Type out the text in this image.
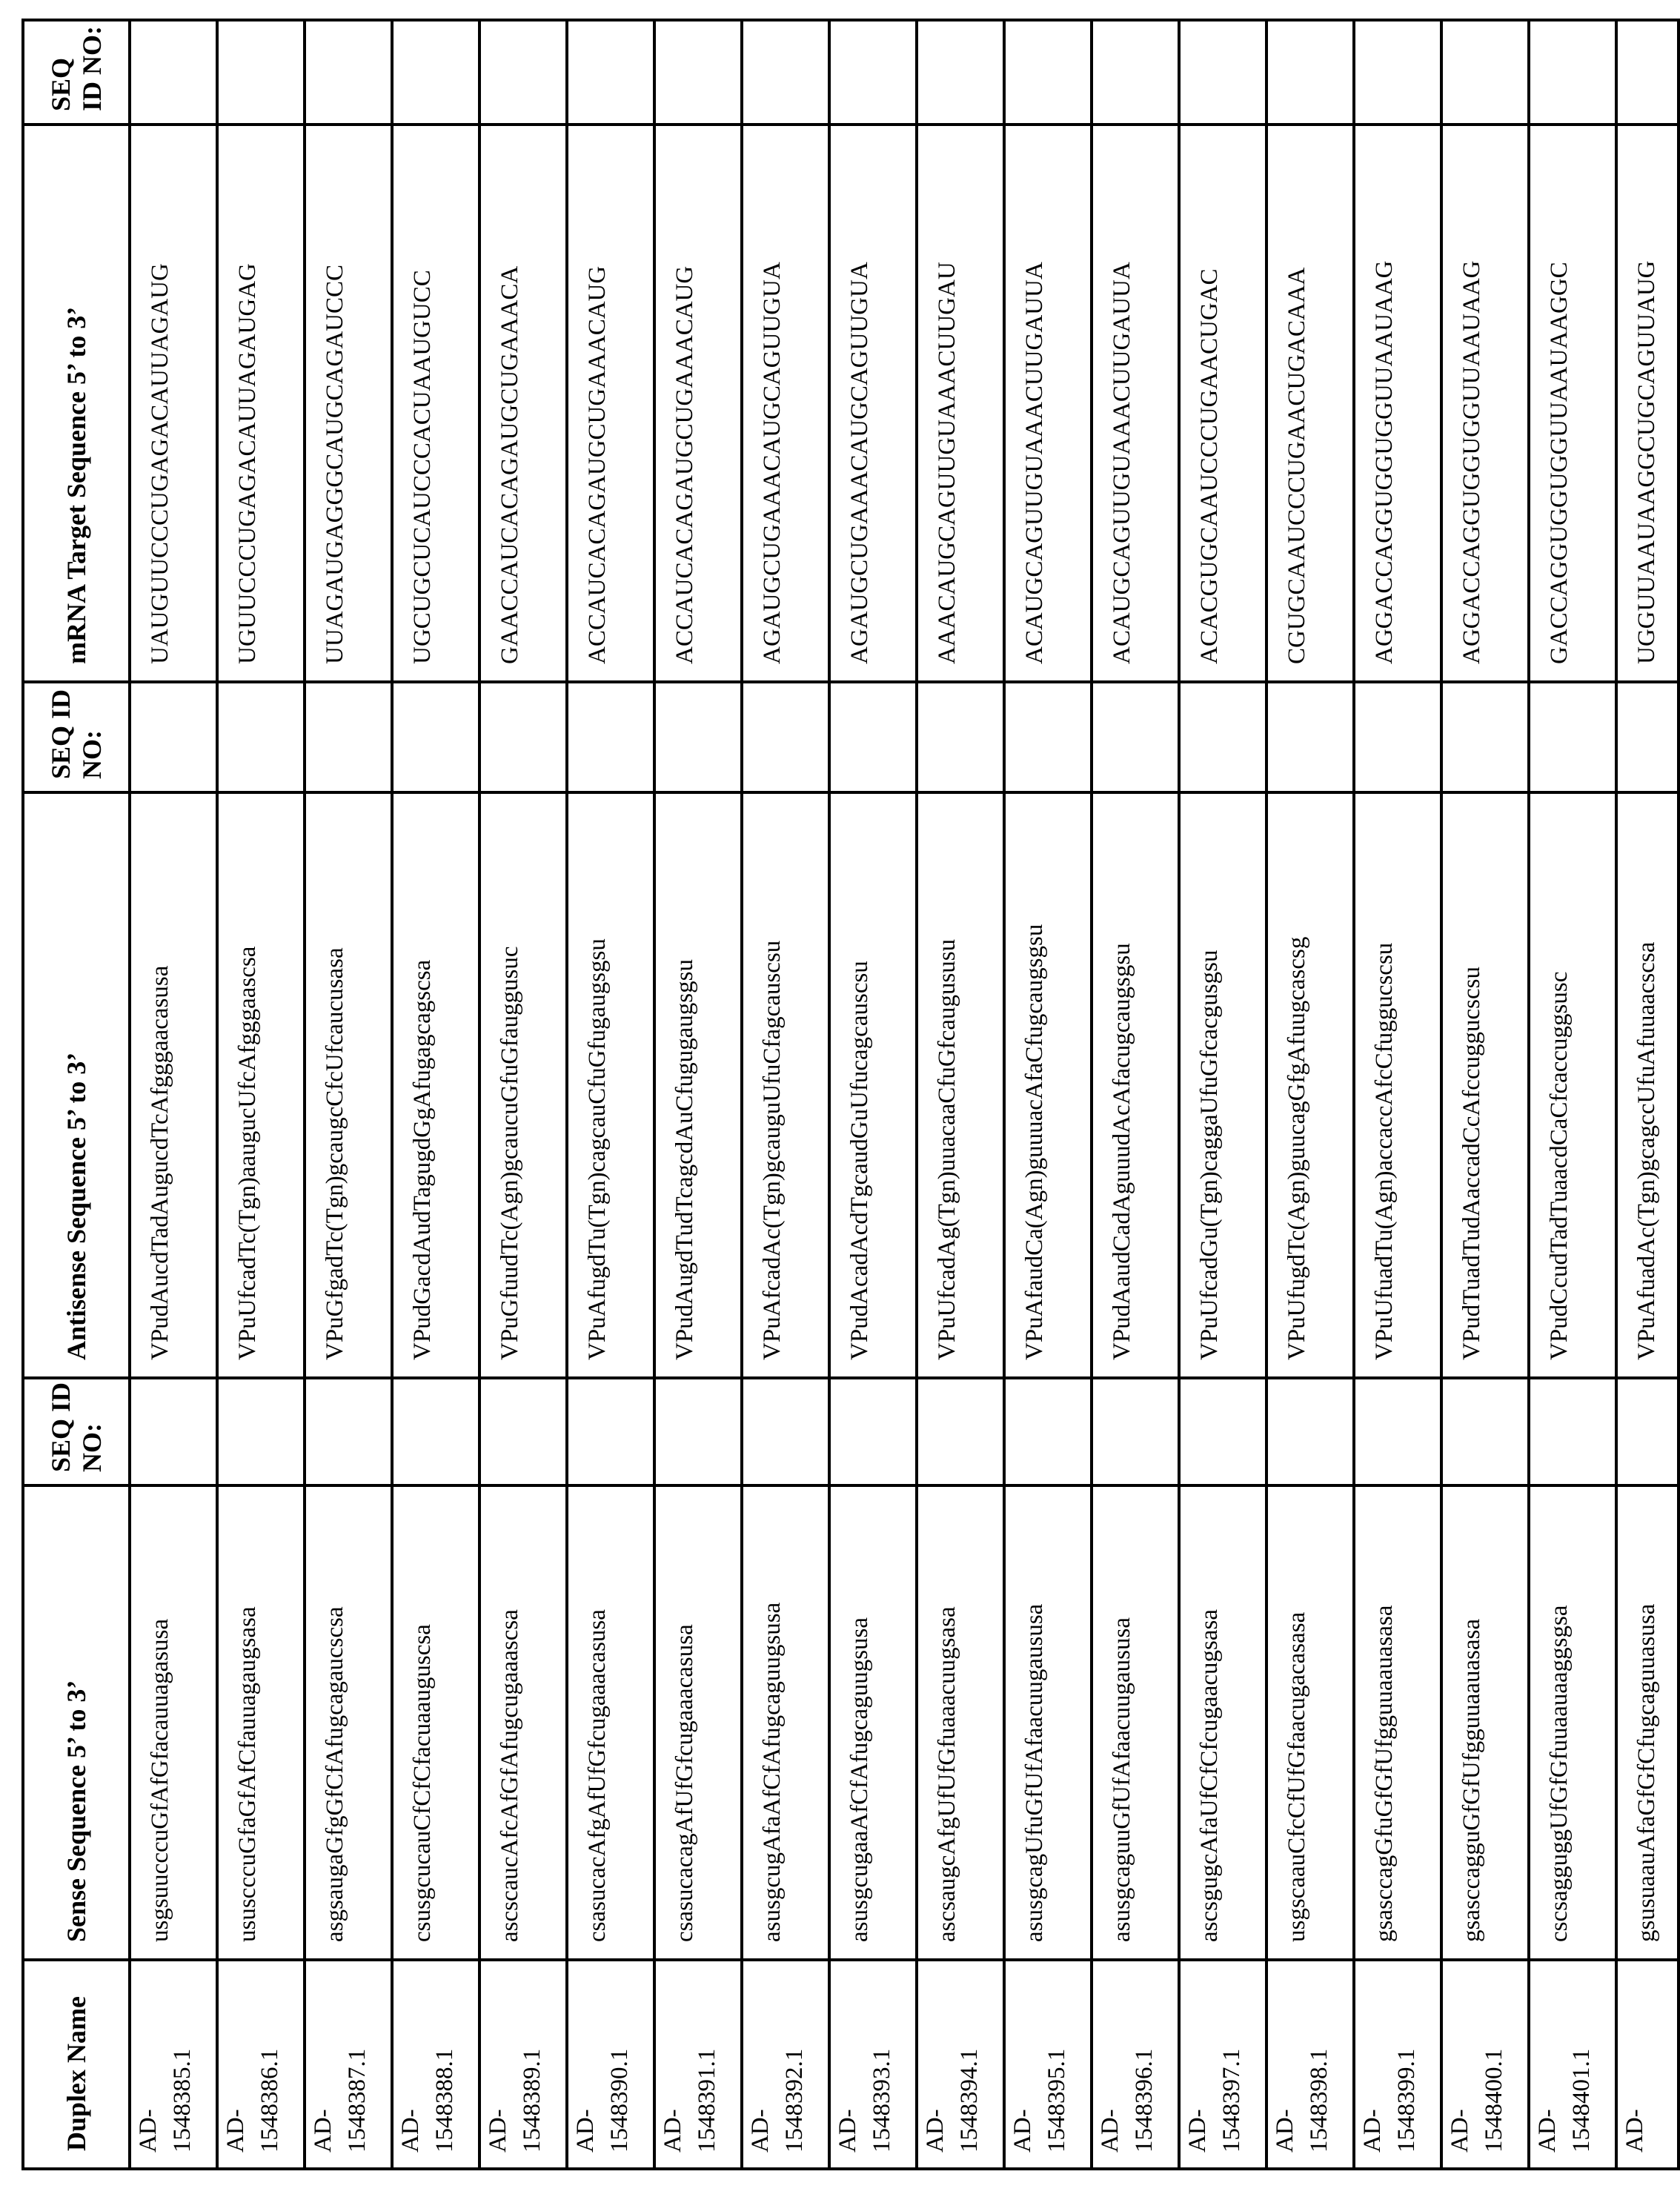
Duplex Name	Sense Sequence 5’ to 3’	SEQ ID NO:	Antisense Sequence 5’ to 3’	SEQ ID NO:	mRNA Target Sequence 5’ to 3’	SEQ ID NO:
AD- 1548385.1	usgsuucccuGfAfGfacauuagasusa		VPudAucdTadAugucdTcAfgggaacasusa		UAUGUUCCCUGAGACAUUAGAUG	
AD- 1548386.1	ususcccuGfaGfAfCfauuagaugsasa		VPuUfcadTc(Tgn)aaugucUfcAfgggaascsa		UGUUCCCUGAGACAUUAGAUGAG	
AD- 1548387.1	asgsaugaGfgGfCfAfugcagaucscsa		VPuGfgadTc(Tgn)gcaugcCfcUfcaucusasa		UUAGAUGAGGGCAUGCAGAUCCC	
AD- 1548388.1	csusgcucauCfCfCfacuaauguscsa		VPudGacdAudTagugdGgAfugagcagscsa		UGCUGCUCAUCCCACUAAUGUCC	
AD- 1548389.1	ascscaucAfcAfGfAfugcugaaascsa		VPuGfuudTc(Agn)gcaucuGfuGfauggusuc		GAACCAUCACAGAUGCUGAAACA	
AD- 1548390.1	csasucacAfgAfUfGfcugaaacasusa		VPuAfugdTu(Tgn)cagcauCfuGfugaugsgsu		ACCAUCACAGAUGCUGAAACAUG	
AD- 1548391.1	csasucacagAfUfGfcugaaacasusa		VPudAugdTudTcagcdAuCfugugaugsgsu		ACCAUCACAGAUGCUGAAACAUG	
AD- 1548392.1	asusgcugAfaAfCfAfugcaguugsusa		VPuAfcadAc(Tgn)gcauguUfuCfagcauscsu		AGAUGCUGAAACAUGCAGUUGUA	
AD- 1548393.1	asusgcugaaAfCfAfugcaguugsusa		VPudAcadAcdTgcaudGuUfucagcauscsu		AGAUGCUGAAACAUGCAGUUGUA	
AD- 1548394.1	ascsaugcAfgUfUfGfuaaacuugsasa		VPuUfcadAg(Tgn)uuacaaCfuGfcaugususu		AAACAUGCAGUUGUAAACUUGAU	
AD- 1548395.1	asusgcagUfuGfUfAfaacuugaususa		VPuAfaudCa(Agn)guuuacAfaCfugcaugsgsu		ACAUGCAGUUGUAAACUUGAUUA	
AD- 1548396.1	asusgcaguuGfUfAfaacuugaususa		VPudAaudCadAguuudAcAfacugcaugsgsu		ACAUGCAGUUGUAAACUUGAUUA	
AD- 1548397.1	ascsgugcAfaUfCfCfcugaacugsasa		VPuUfcadGu(Tgn)caggaUfuGfcacgusgsu		ACACGUGCAAUCCCUGAACUGAC	
AD- 1548398.1	usgscaauCfcCfUfGfaacugacasasa		VPuUfugdTc(Agn)guucagGfgAfuugcascsg		CGUGCAAUCCCUGAACUGACAAA	
AD- 1548399.1	gsasccagGfuGfGfUfgguuaauasasa		VPuUfuadTu(Agn)accaccAfcCfuggucscsu		AGGACCAGGUGGUGGUUAAUAAG	
AD- 1548400.1	gsasccagguGfGfUfgguuaauasasa		VPudTuadTudAaccadCcAfccuggucscsu		AGGACCAGGUGGUGGUUAAUAAG	
AD- 1548401.1	cscsagguggUfGfGfuuaauaaggsgsa		VPudCcudTadTuaacdCaCfcaccuggsusc		GACCAGGUGGUGGUUAAUAAGGC	
AD-	gsusuaauAfaGfGfCfugcaguuasusa		VPuAfuadAc(Tgn)gcagccUfuAfuuaacscsa		UGGUUAAUAAGGCUGCAGUUAUG	
